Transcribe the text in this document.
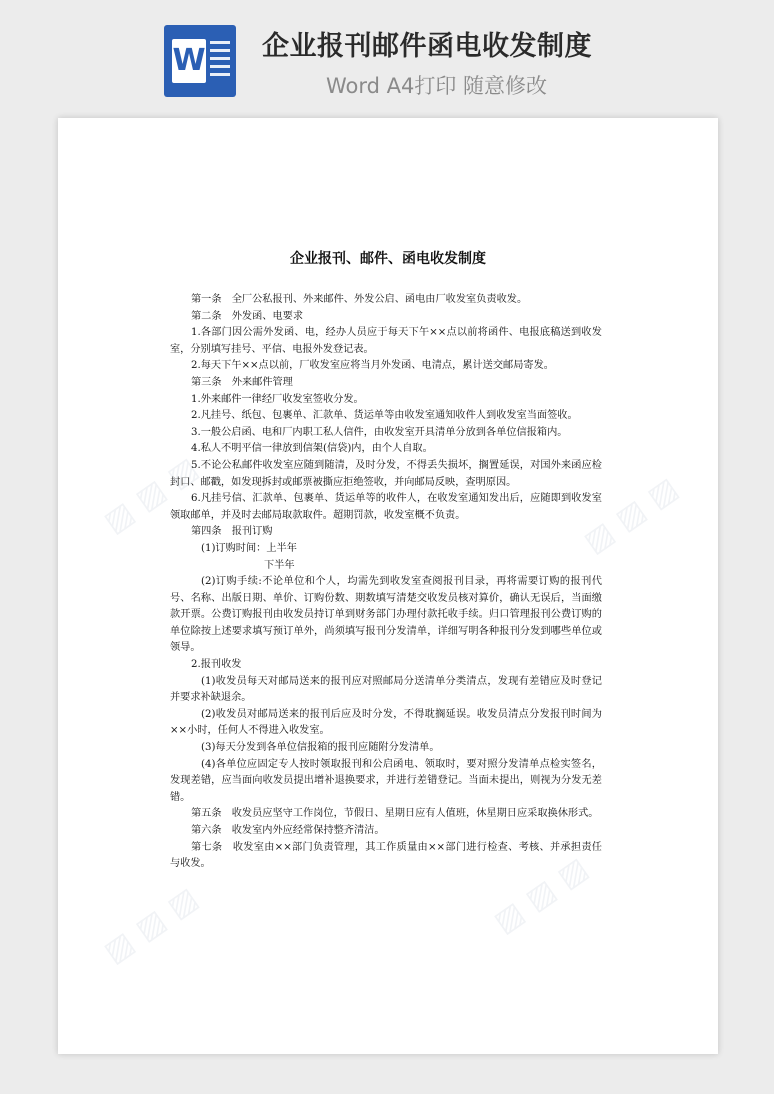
W 企业报刊邮件函电收发制度
Word A4打印 随意修改
▨ ▨ ▨	▨ ▨ ▨
▨ ▨ ▨	▨ ▨ ▨
企业报刊、邮件、函电收发制度

第一条　全厂公私报刊、外来邮件、外发公启、函电由厂收发室负责收发。

第二条　外发函、电要求

1.各部门因公需外发函、电，经办人员应于每天下午××点以前将函件、电报底稿送到收发室，分别填写挂号、平信、电报外发登记表。

2.每天下午××点以前，厂收发室应将当月外发函、电清点，累计送交邮局寄发。

第三条　外来邮件管理

1.外来邮件一律经厂收发室签收分发。

2.凡挂号、纸包、包裹单、汇款单、货运单等由收发室通知收件人到收发室当面签收。

3.一般公启函、电和厂内职工私人信件，由收发室开具清单分放到各单位信报箱内。

4.私人不明平信一律放到信架(信袋)内，由个人自取。

5.不论公私邮件收发室应随到随清，及时分发，不得丢失损坏，搁置延误，对国外来函应检封口、邮戳，如发现拆封或邮票被撕应拒绝签收，并向邮局反映，查明原因。

6.凡挂号信、汇款单、包裹单、货运单等的收件人，在收发室通知发出后，应随即到收发室领取邮单，并及时去邮局取款取件。超期罚款，收发室概不负责。

第四条　报刊订购

(1)订购时间：上半年

下半年

(2)订购手续:不论单位和个人，均需先到收发室查阅报刊目录，再将需要订购的报刊代号、名称、出版日期、单价、订购份数、期数填写清楚交收发员核对算价，确认无误后，当面缴款开票。公费订购报刊由收发员持订单到财务部门办理付款托收手续。归口管理报刊公费订购的单位除按上述要求填写预订单外，尚须填写报刊分发清单，详细写明各种报刊分发到哪些单位或领导。

2.报刊收发

(1)收发员每天对邮局送来的报刊应对照邮局分送清单分类清点，发现有差错应及时登记并要求补缺退余。

(2)收发员对邮局送来的报刊后应及时分发，不得耽搁延误。收发员清点分发报刊时间为××小时，任何人不得进入收发室。

(3)每天分发到各单位信报箱的报刊应随附分发清单。

(4)各单位应固定专人按时领取报刊和公启函电、领取时，要对照分发清单点检实签名，发现差错，应当面向收发员提出增补退换要求，并进行差错登记。当面未提出，则视为分发无差错。

第五条　收发员应坚守工作岗位，节假日、星期日应有人值班，休星期日应采取换休形式。

第六条　收发室内外应经常保持整齐清洁。

第七条　收发室由××部门负责管理，其工作质量由××部门进行检查、考核、并承担责任与收发。
